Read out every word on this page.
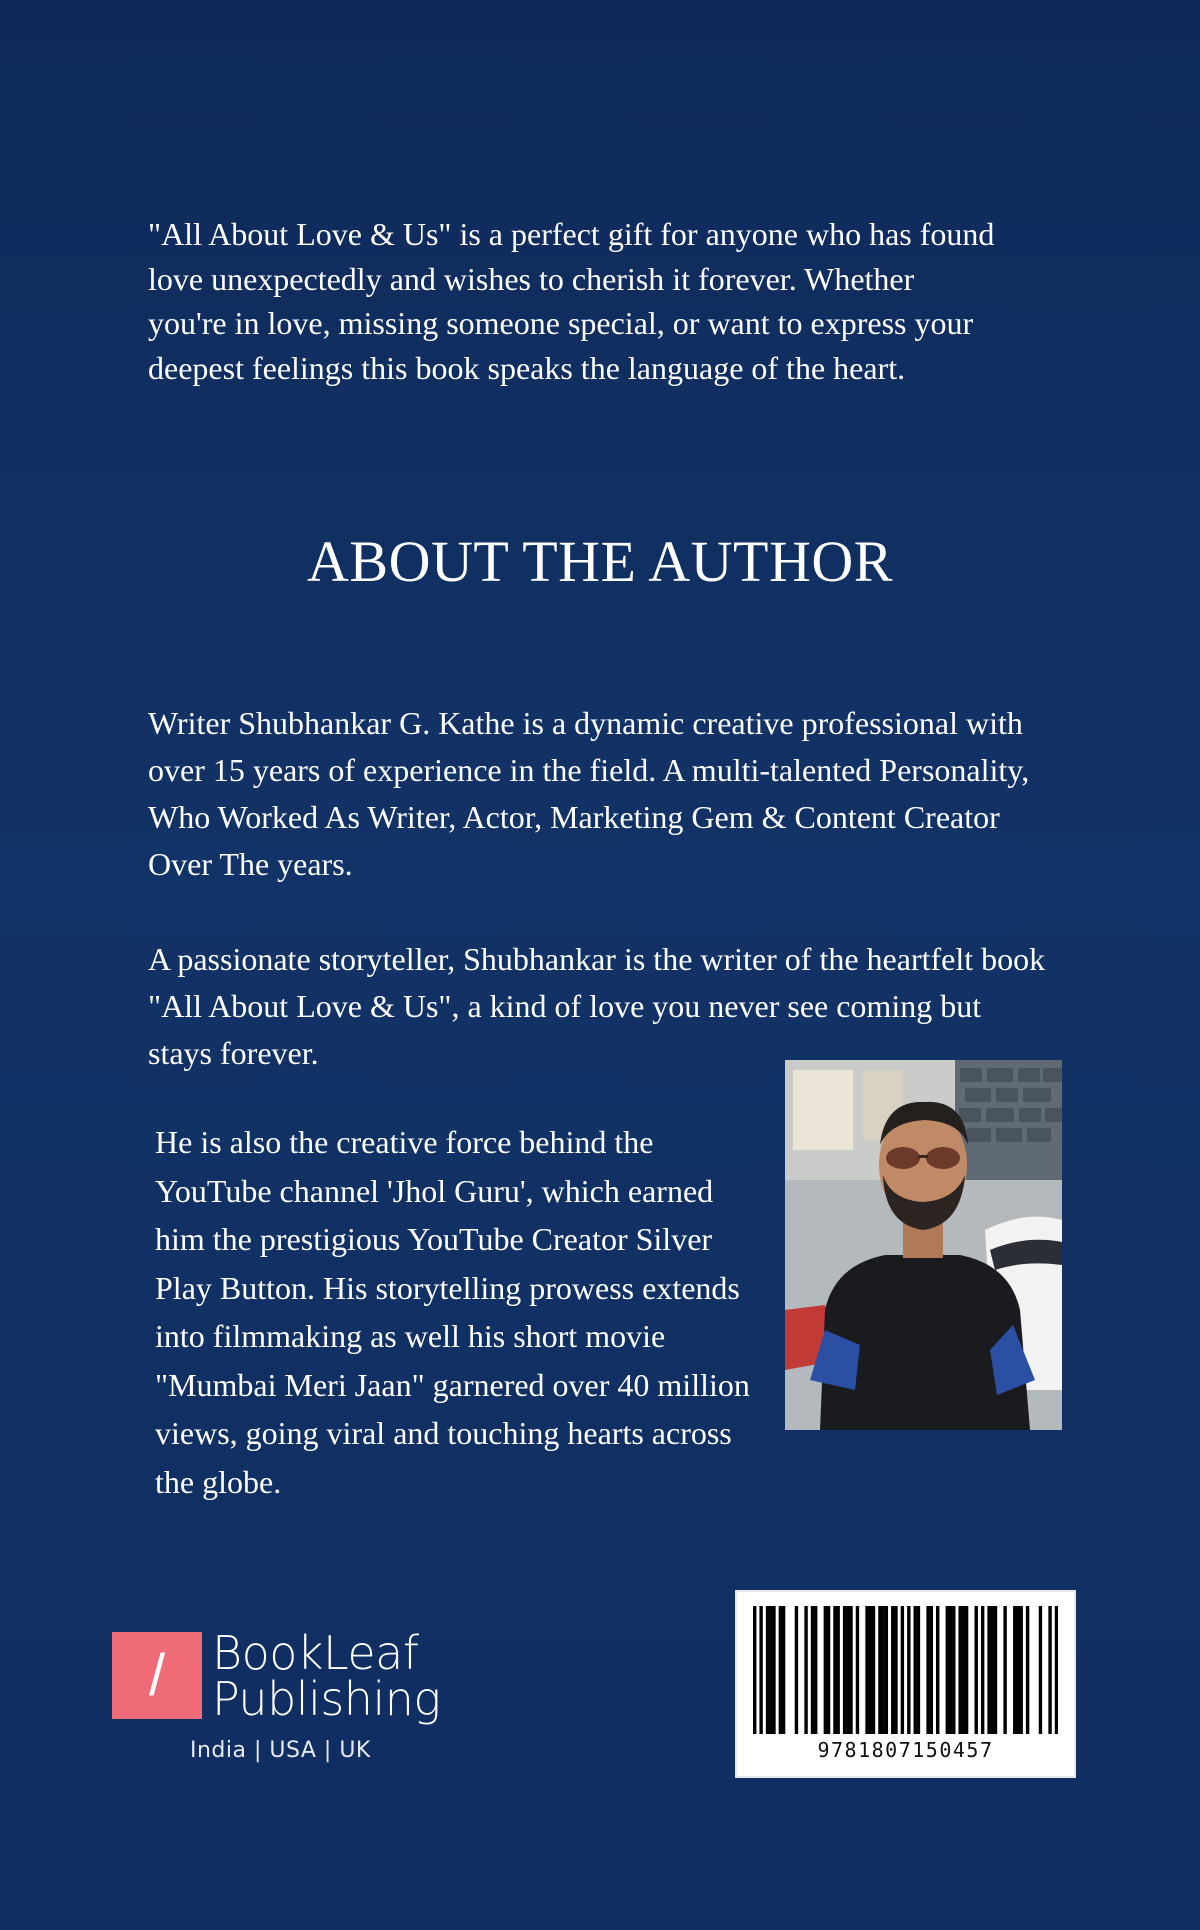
"All About Love & Us" is a perfect gift for anyone who has found love unexpectedly and wishes to cherish it forever. Whether you're in love, missing someone special, or want to express your deepest feelings this book speaks the language of the heart.

ABOUT THE AUTHOR

Writer Shubhankar G. Kathe is a dynamic creative professional with over 15 years of experience in the field. A multi-talented Personality, Who Worked As Writer, Actor, Marketing Gem & Content Creator Over The years.

A passionate storyteller, Shubhankar is the writer of the heartfelt book "All About Love & Us", a kind of love you never see coming but stays forever.

He is also the creative force behind the YouTube channel 'Jhol Guru', which earned him the prestigious YouTube Creator Silver Play Button. His storytelling prowess extends into filmmaking as well his short movie "Mumbai Meri Jaan" garnered over 40 million views, going viral and touching hearts across the globe.

/	BookLeaf
Publishing
India | USA | UK	9781807150457
